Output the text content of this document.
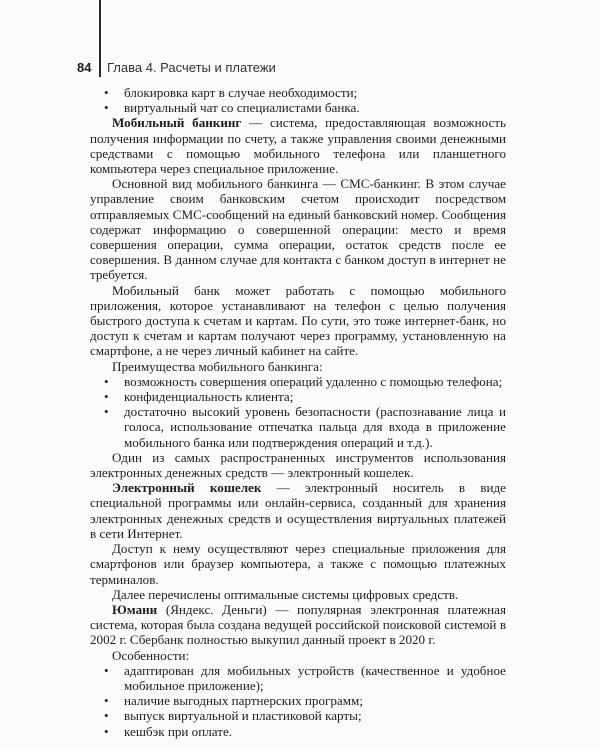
84 Глава 4. Расчеты и платежи
• блокировка карт в случае необходимости;
• виртуальный чат со специалистами банка.

Мобильный банкинг — система, предоставляющая возможность получения информации по счету, а также управления своими денежными средствами с помощью мобильного телефона или планшетного компьютера через специальное приложение.

Основной вид мобильного банкинга — СМС-банкинг. В этом случае управление своим банковским счетом происходит посредством отправляемых СМС-сообщений на единый банковский номер. Сообщения содержат информацию о совершенной операции: место и время совершения операции, сумма операции, остаток средств после ее совершения. В данном случае для контакта с банком доступ в интернет не требуется.

Мобильный банк может работать с помощью мобильного приложения, которое устанавливают на телефон с целью получения быстрого доступа к счетам и картам. По сути, это тоже интернет-банк, но доступ к счетам и картам получают через программу, установленную на смартфоне, а не через личный кабинет на сайте.

Преимущества мобильного банкинга:

• возможность совершения операций удаленно с помощью телефона;
• конфиденциальность клиента;
• достаточно высокий уровень безопасности (распознавание лица и голоса, использование отпечатка пальца для входа в приложение мобильного банка или подтверждения операций и т.д.).

Один из самых распространенных инструментов использования электронных денежных средств — электронный кошелек.

Электронный кошелек — электронный носитель в виде специальной программы или онлайн-сервиса, созданный для хранения электронных денежных средств и осуществления виртуальных платежей в сети Интернет.

Доступ к нему осуществляют через специальные приложения для смартфонов или браузер компьютера, а также с помощью платежных терминалов.

Далее перечислены оптимальные системы цифровых средств.

Юмани (Яндекс. Деньги) — популярная электронная платежная система, которая была создана ведущей российской поисковой системой в 2002 г. Сбербанк полностью выкупил данный проект в 2020 г.

Особенности:

• адаптирован для мобильных устройств (качественное и удобное мобильное приложение);
• наличие выгодных партнерских программ;
• выпуск виртуальной и пластиковой карты;
• кешбэк при оплате.
